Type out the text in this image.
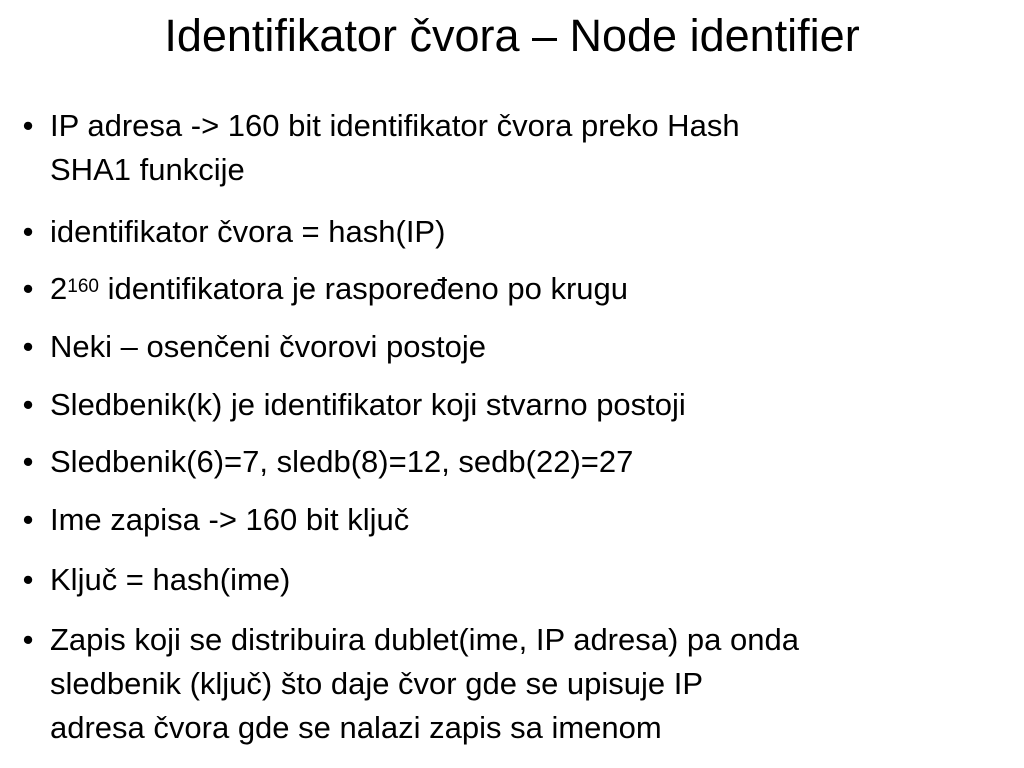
Identifikator čvora – Node identifier
• IP adresa -> 160 bit identifikator čvora preko Hash
SHA1 funkcije
• identifikator čvora = hash(IP)
• $2^{160}$ identifikatora je raspoređeno po krugu
• Neki – osenčeni čvorovi postoje
• Sledbenik(k) je identifikator koji stvarno postoji
• Sledbenik(6)=7, sledb(8)=12, sedb(22)=27
• Ime zapisa -> 160 bit ključ
• Ključ = hash(ime)
• Zapis koji se distribuira dublet(ime, IP adresa) pa onda
sledbenik (ključ) što daje čvor gde se upisuje IP
adresa čvora gde se nalazi zapis sa imenom
